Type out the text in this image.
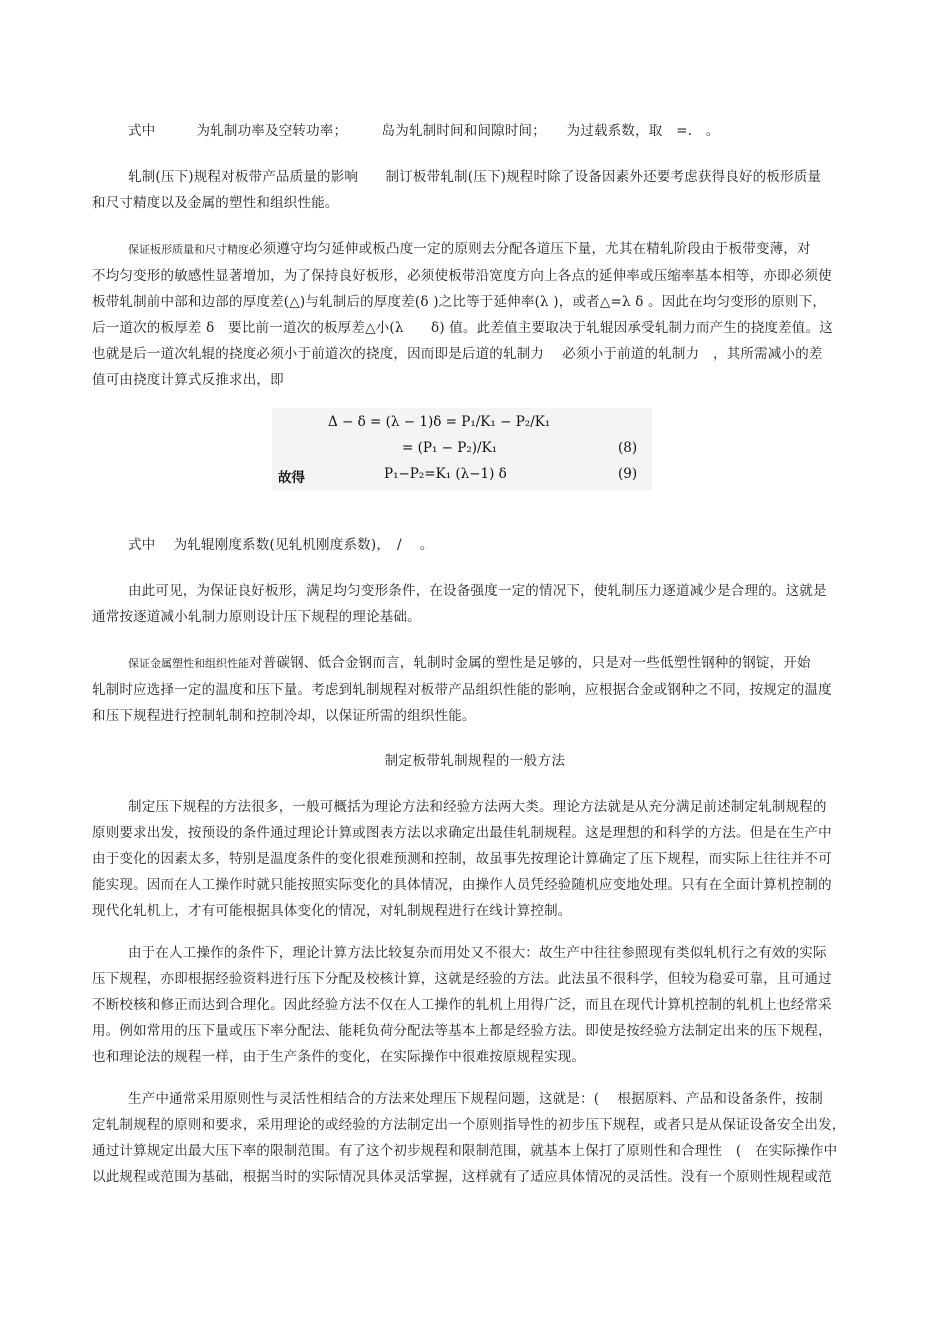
式中　　　为轧制功率及空转功率；　　　岛为轧制时间和间隙时间；　　为过载系数，取　=.　。
轧制(压下)规程对板带产品质量的影响　　制订板带轧制(压下)规程时除了设备因素外还要考虑获得良好的板形质量
和尺寸精度以及金属的塑性和组织性能。
保证板形质量和尺寸精度必须遵守均匀延伸或板凸度一定的原则去分配各道压下量，尤其在精轧阶段由于板带变薄，对
不均匀变形的敏感性显著增加，为了保持良好板形，必须使板带沿宽度方向上各点的延伸率或压缩率基本相等，亦即必须使
板带轧制前中部和边部的厚度差(△)与轧制后的厚度差(δ )之比等于延伸率(λ )，或者△=λ δ 。因此在均匀变形的原则下，
后一道次的板厚差 δ　要比前一道次的板厚差△小(λ　　δ) 值。此差值主要取决于轧辊因承受轧制力而产生的挠度差值。这
也就是后一道次轧辊的挠度必须小于前道次的挠度，因而即是后道的轧制力　 必须小于前道的轧制力　，其所需减小的差
值可由挠度计算式反推求出，即
Δ − δ = (λ − 1)δ = P₁/K₁ − P₂/K₁
= (P₁ − P₂)/K₁	(8)
故得	P₁−P₂=K₁ (λ−1) δ	(9)
式中　 为轧辊刚度系数(见轧机刚度系数)，　/　 。
由此可见，为保证良好板形，满足均匀变形条件，在设备强度一定的情况下，使轧制压力逐道减少是合理的。这就是
通常按逐道减小轧制力原则设计压下规程的理论基础。
保证金属塑性和组织性能对普碳钢、低合金钢而言，轧制时金属的塑性是足够的，只是对一些低塑性钢种的钢锭，开始
轧制时应选择一定的温度和压下量。考虑到轧制规程对板带产品组织性能的影响，应根据合金或钢种之不同，按规定的温度
和压下规程进行控制轧制和控制冷却，以保证所需的组织性能。
制定板带轧制规程的一般方法
制定压下规程的方法很多，一般可概括为理论方法和经验方法两大类。理论方法就是从充分满足前述制定轧制规程的
原则要求出发，按预设的条件通过理论计算或图表方法以求确定出最佳轧制规程。这是理想的和科学的方法。但是在生产中
由于变化的因素太多，特别是温度条件的变化很难预测和控制，故虽事先按理论计算确定了压下规程，而实际上往往并不可
能实现。因而在人工操作时就只能按照实际变化的具体情况，由操作人员凭经验随机应变地处理。只有在全面计算机控制的
现代化轧机上，才有可能根据具体变化的情况，对轧制规程进行在线计算控制。
由于在人工操作的条件下，理论计算方法比较复杂而用处又不很大：故生产中往往参照现有类似轧机行之有效的实际
压下规程，亦即根据经验资料进行压下分配及校核计算，这就是经验的方法。此法虽不很科学，但较为稳妥可靠，且可通过
不断校核和修正而达到合理化。因此经验方法不仅在人工操作的轧机上用得广泛，而且在现代计算机控制的轧机上也经常采
用。例如常用的压下量或压下率分配法、能耗负荷分配法等基本上都是经验方法。即使是按经验方法制定出来的压下规程，
也和理论法的规程一样，由于生产条件的变化，在实际操作中很难按原规程实现。
生产中通常采用原则性与灵活性相结合的方法来处理压下规程问题，这就是：(　 根据原料、产品和设备条件，按制
定轧制规程的原则和要求，采用理论的或经验的方法制定出一个原则指导性的初步压下规程，或者只是从保证设备安全出发，
通过计算规定出最大压下率的限制范围。有了这个初步规程和限制范围，就基本上保打了原则性和合理性　(　在实际操作中
以此规程或范围为基础，根据当时的实际情况具体灵活掌握，这样就有了适应具体情况的灵活性。没有一个原则性规程或范
